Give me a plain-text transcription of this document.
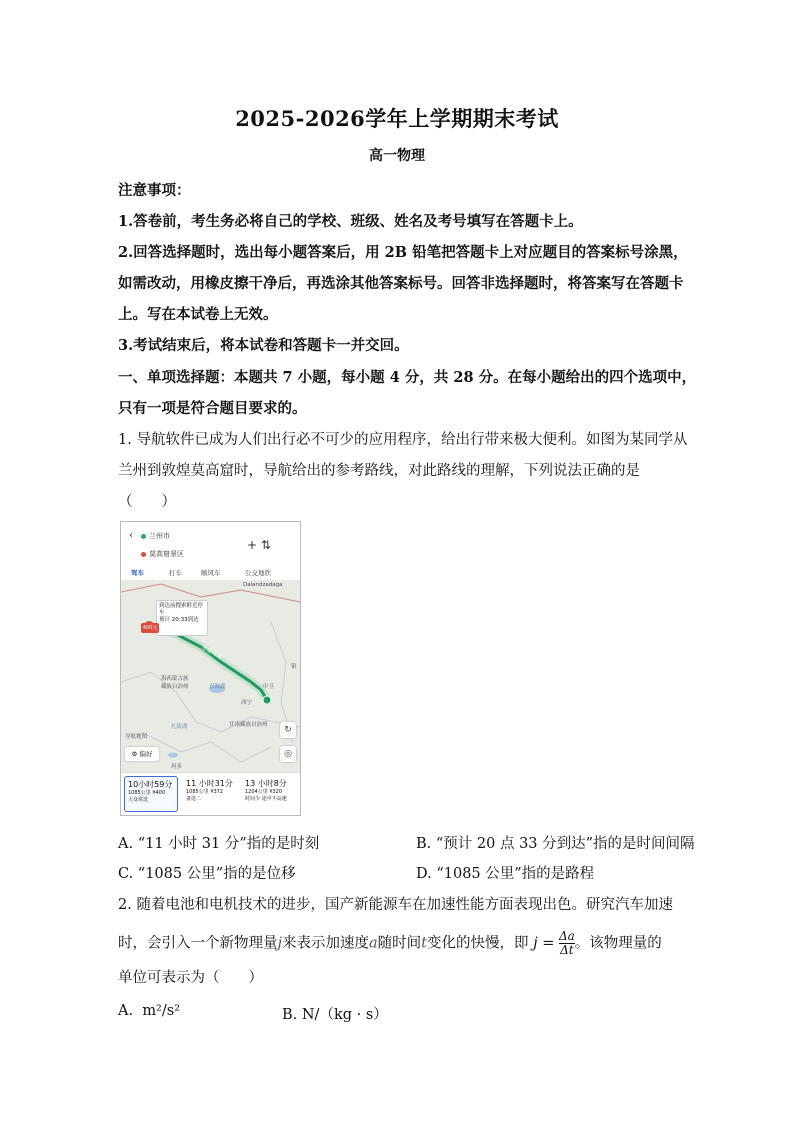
2025-2026学年上学期期末考试
高一物理
注意事项：
1.答卷前，考生务必将自己的学校、班级、姓名及考号填写在答题卡上。
2.回答选择题时，选出每小题答案后，用 2B 铅笔把答题卡上对应题目的答案标号涂黑，
如需改动，用橡皮擦干净后，再选涂其他答案标号。回答非选择题时，将答案写在答题卡
上。写在本试卷上无效。
3.考试结束后，将本试卷和答题卡一并交回。
一、单项选择题：本题共 7 小题，每小题 4 分，共 28 分。在每小题给出的四个选项中，
只有一项是符合题目要求的。
1. 导航软件已成为人们出行必不可少的应用程序，给出行带来极大便利。如图为某同学从
兰州到敦煌莫高窟时，导航给出的参考路线，对此路线的理解，下列说法正确的是
（　　）
‹	兰州市
莫高窟景区
+ ⇅
驾车	打车	顺风车	公交地铁
Dalandzadaga
到达前搜索附近停车
预计 20:33到达
400元
连霍高速
海西蒙古族
藏族自治州	青海湖	中卫
西宁
甘南藏族自治州
扎陵湖
导航地图
玛多
银
↻
◎
⚙ 偏好
10小时59分
1085公里 ¥400
大众常选
11 小时31分
1085公里 ¥372
备选二
13 小时8分
1204公里 ¥320
时间少 途中不高速
A. “11 小时 31 分”指的是时刻	B. “预计 20 点 33 分到达”指的是时间间隔
C. “1085 公里”指的是位移	D. “1085 公里”指的是路程
2. 随着电池和电机技术的进步，国产新能源车在加速性能方面表现出色。研究汽车加速
时，会引入一个新物理量j来表示加速度a随时间t变化的快慢，即 $j = \frac{\Delta a}{\Delta t}$ 。该物理量的
单位可表示为（　　）
A. m²/s²	B. N/（kg · s）
